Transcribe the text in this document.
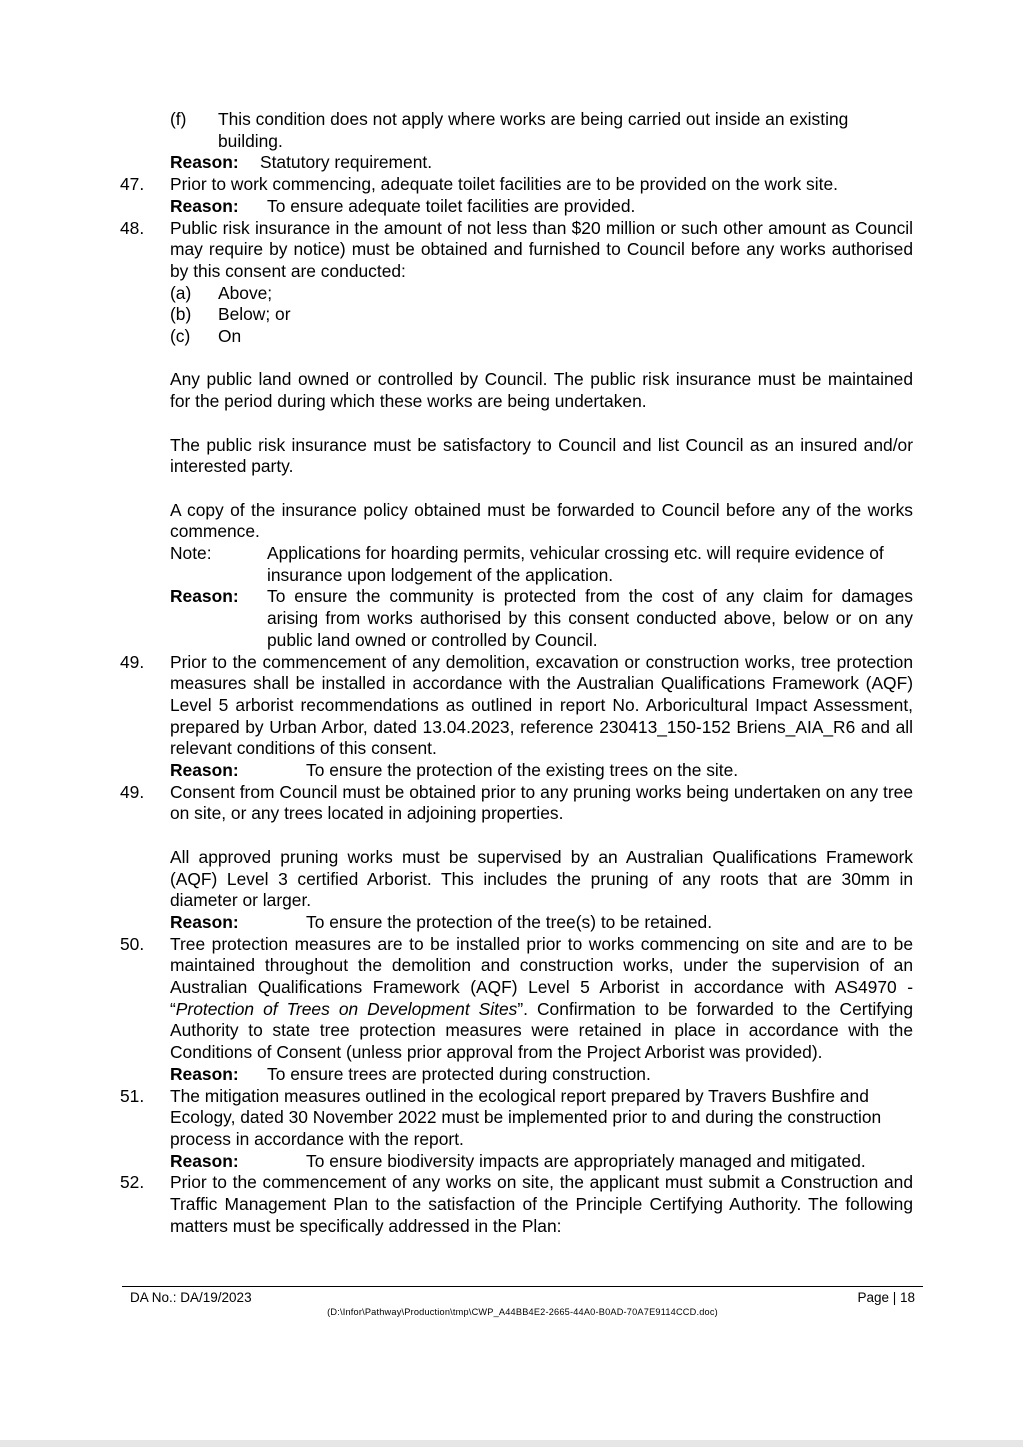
(f)	This condition does not apply where works are being carried out inside an existing building.
Reason:	Statutory requirement.
47.	Prior to work commencing, adequate toilet facilities are to be provided on the work site.
Reason:	To ensure adequate toilet facilities are provided.
48.	Public risk insurance in the amount of not less than $20 million or such other amount as Council may require by notice) must be obtained and furnished to Council before any works authorised by this consent are conducted:
(a)	Above;
(b)	Below; or
(c)	On
Any public land owned or controlled by Council. The public risk insurance must be maintained for the period during which these works are being undertaken.
The public risk insurance must be satisfactory to Council and list Council as an insured and/or interested party.
A copy of the insurance policy obtained must be forwarded to Council before any of the works commence.
Note:	Applications for hoarding permits, vehicular crossing etc. will require evidence of insurance upon lodgement of the application.
Reason:	To ensure the community is protected from the cost of any claim for damages arising from works authorised by this consent conducted above, below or on any public land owned or controlled by Council.
49.	Prior to the commencement of any demolition, excavation or construction works, tree protection measures shall be installed in accordance with the Australian Qualifications Framework (AQF) Level 5 arborist recommendations as outlined in report No. Arboricultural Impact Assessment, prepared by Urban Arbor, dated 13.04.2023, reference 230413_150-152 Briens_AIA_R6 and all relevant conditions of this consent.
Reason:	To ensure the protection of the existing trees on the site.
49.	Consent from Council must be obtained prior to any pruning works being undertaken on any tree on site, or any trees located in adjoining properties.
All approved pruning works must be supervised by an Australian Qualifications Framework (AQF) Level 3 certified Arborist. This includes the pruning of any roots that are 30mm in diameter or larger.
Reason:	To ensure the protection of the tree(s) to be retained.
50.	Tree protection measures are to be installed prior to works commencing on site and are to be maintained throughout the demolition and construction works, under the supervision of an Australian Qualifications Framework (AQF) Level 5 Arborist in accordance with AS4970 - “Protection of Trees on Development Sites”. Confirmation to be forwarded to the Certifying Authority to state tree protection measures were retained in place in accordance with the Conditions of Consent (unless prior approval from the Project Arborist was provided).
Reason:	To ensure trees are protected during construction.
51.	The mitigation measures outlined in the ecological report prepared by Travers Bushfire and Ecology, dated 30 November 2022 must be implemented prior to and during the construction process in accordance with the report.
Reason:	To ensure biodiversity impacts are appropriately managed and mitigated.
52.	Prior to the commencement of any works on site, the applicant must submit a Construction and Traffic Management Plan to the satisfaction of the Principle Certifying Authority. The following matters must be specifically addressed in the Plan:
DA No.: DA/19/2023	Page | 18
(D:\Infor\Pathway\Production\tmp\CWP_A44BB4E2-2665-44A0-B0AD-70A7E9114CCD.doc)
